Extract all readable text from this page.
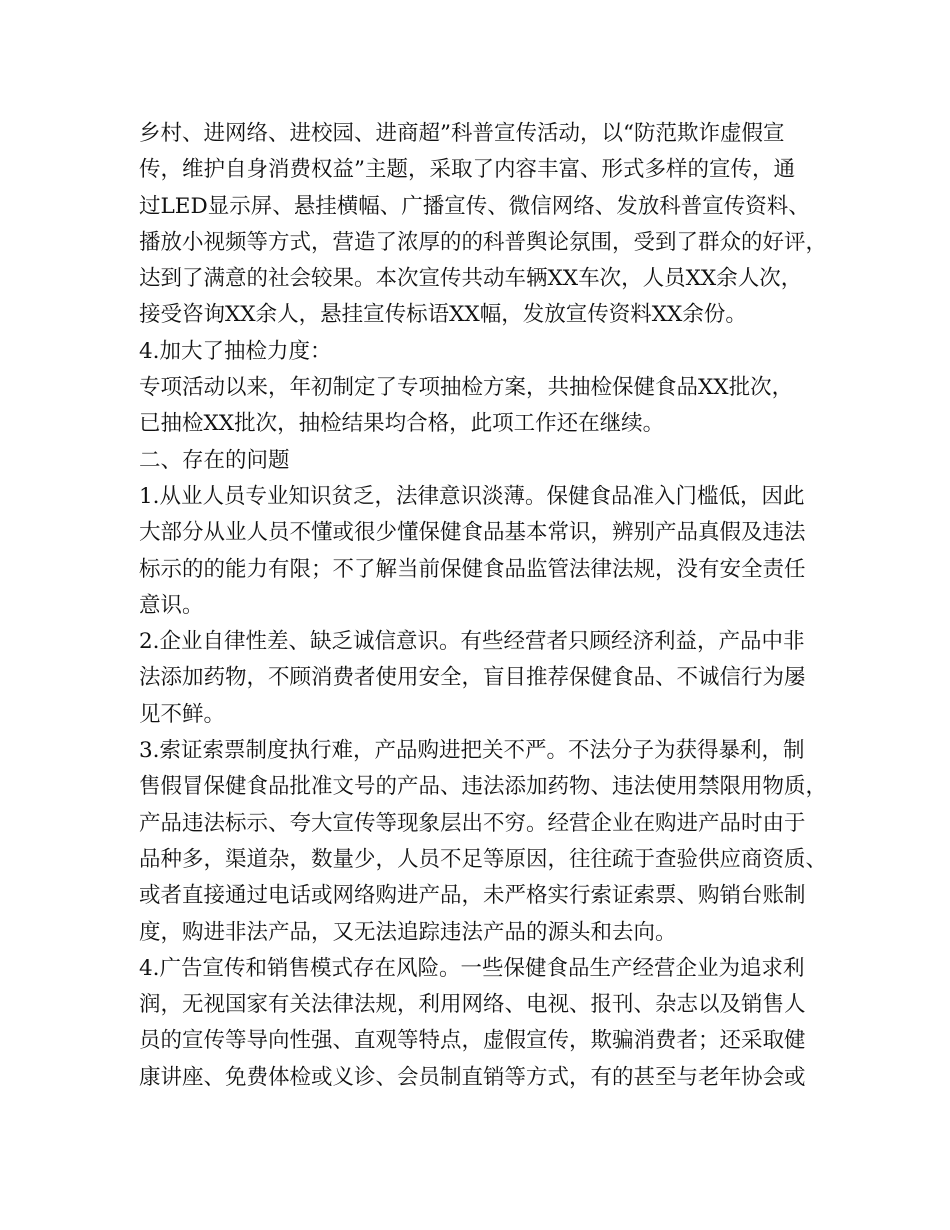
乡村、进网络、进校园、进商超”科普宣传活动，以“防范欺诈虚假宣
传，维护自身消费权益”主题，采取了内容丰富、形式多样的宣传，通
过LED显示屏、悬挂横幅、广播宣传、微信网络、发放科普宣传资料、
播放小视频等方式，营造了浓厚的的科普舆论氛围，受到了群众的好评，
达到了满意的社会较果。本次宣传共动车辆XX车次，人员XX余人次，
接受咨询XX余人，悬挂宣传标语XX幅，发放宣传资料XX余份。
4.加大了抽检力度：
专项活动以来，年初制定了专项抽检方案，共抽检保健食品XX批次，
已抽检XX批次，抽检结果均合格，此项工作还在继续。
二、存在的问题
1.从业人员专业知识贫乏，法律意识淡薄。保健食品准入门槛低，因此
大部分从业人员不懂或很少懂保健食品基本常识，辨别产品真假及违法
标示的的能力有限；不了解当前保健食品监管法律法规，没有安全责任
意识。
2.企业自律性差、缺乏诚信意识。有些经营者只顾经济利益，产品中非
法添加药物，不顾消费者使用安全，盲目推荐保健食品、不诚信行为屡
见不鲜。
3.索证索票制度执行难，产品购进把关不严。不法分子为获得暴利，制
售假冒保健食品批准文号的产品、违法添加药物、违法使用禁限用物质，
产品违法标示、夸大宣传等现象层出不穷。经营企业在购进产品时由于
品种多，渠道杂，数量少，人员不足等原因，往往疏于查验供应商资质、
或者直接通过电话或网络购进产品，未严格实行索证索票、购销台账制
度，购进非法产品，又无法追踪违法产品的源头和去向。
4.广告宣传和销售模式存在风险。一些保健食品生产经营企业为追求利
润，无视国家有关法律法规，利用网络、电视、报刊、杂志以及销售人
员的宣传等导向性强、直观等特点，虚假宣传，欺骗消费者；还采取健
康讲座、免费体检或义诊、会员制直销等方式，有的甚至与老年协会或
